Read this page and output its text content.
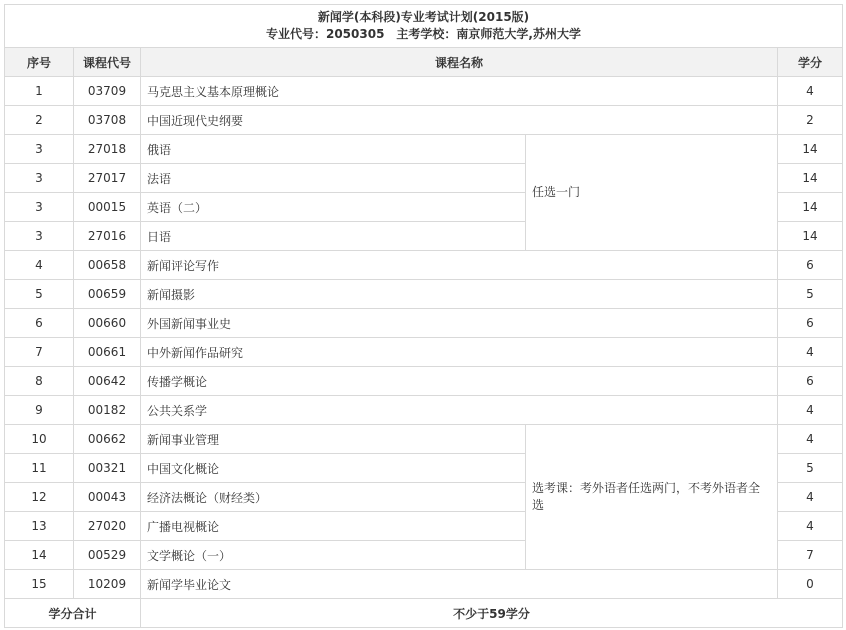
新闻学(本科段)专业考试计划(2015版)
专业代号：2050305　主考学校：南京师范大学,苏州大学				

序号	课程代号	课程名称		学分
1	03709	马克思主义基本原理概论		4
2	03708	中国近现代史纲要		2
3	27018	俄语	任选一门	14
3	27017	法语		14
3	00015	英语（二）		14
3	27016	日语		14
4	00658	新闻评论写作		6
5	00659	新闻摄影		5
6	00660	外国新闻事业史		6
7	00661	中外新闻作品研究		4
8	00642	传播学概论		6
9	00182	公共关系学		4
10	00662	新闻事业管理	选考课：考外语者任选两门，不考外语者全选	4
11	00321	中国文化概论		5
12	00043	经济法概论（财经类）		4
13	27020	广播电视概论		4
14	00529	文学概论（一）		7
15	10209	新闻学毕业论文		0
学分合计		不少于59学分		
